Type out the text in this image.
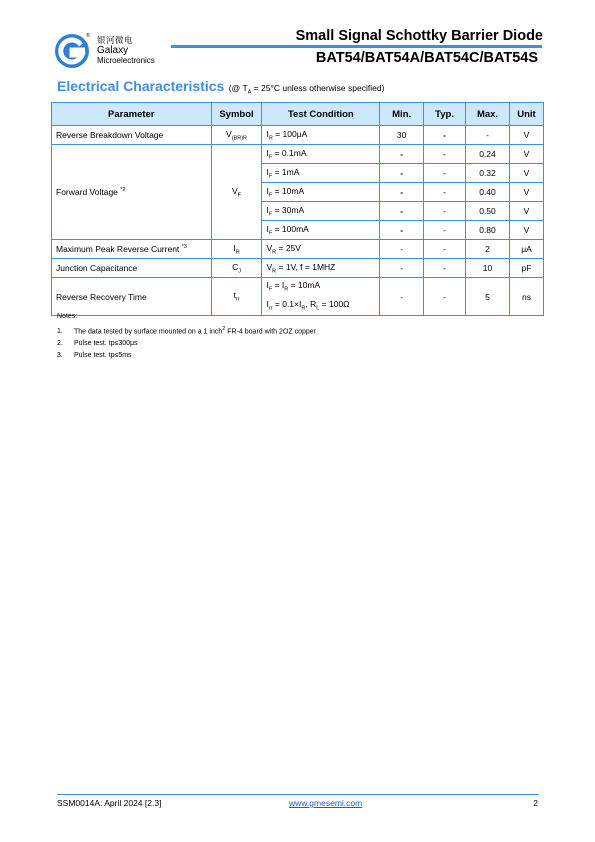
® 银河微电
Galaxy
Microelectronics
Small Signal Schottky Barrier Diode
BAT54/BAT54A/BAT54C/BAT54S
Electrical Characteristics (@ $T_A = 25^\circ C$ unless otherwise specified)
Parameter	Symbol	Test Condition	Min.	Typ.	Max.	Unit
Reverse Breakdown Voltage	$V_{(BR)R}$	$I_R = 100\mu A$	30	-	-	V
Forward Voltage $^{*2}$	$V_F$	$I_F = 0.1mA$	-	-	0.24	V
		$I_F = 1mA$	-	-	0.32	V
		$I_F = 10mA$	-	-	0.40	V
		$I_F = 30mA$	-	-	0.50	V
		$I_F = 100mA$	-	-	0.80	V
Maximum Peak Reverse Current $^{*3}$	$I_R$	$V_R = 25V$	-	-	2	μA
Junction Capacitance	$C_J$	$V_R = 1V$, f = 1MHZ	-	-	10	pF
Reverse Recovery Time	$t_{rr}$	$I_F = I_R = 10mA$
$I_{rr} = 0.1\times I_R$, $R_L = 100\Omega$	-	-	5	ns
Notes:
1. The data tested by surface mounted on a 1 inch$^2$ FR-4 board with 2OZ copper
2. Pulse test. tp≤300μs
3. Pulse test. tp≤5ms
SSM0014A: April 2024 [2.3]	www.gmesemi.com	2
